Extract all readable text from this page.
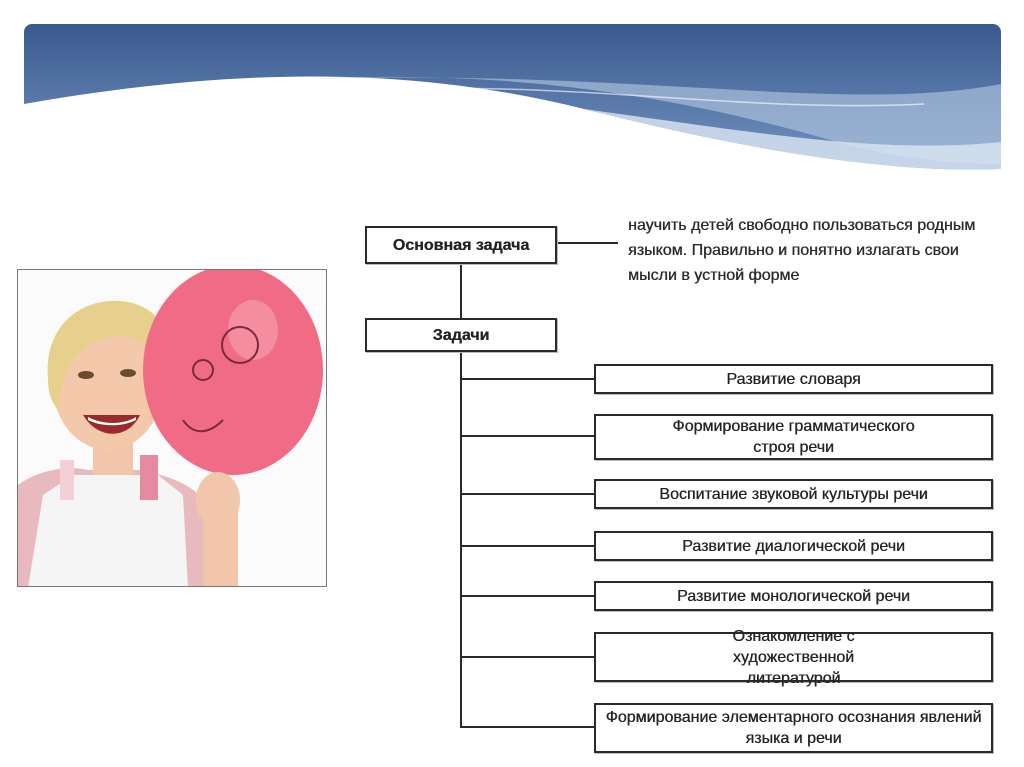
Основная задача
научить детей свободно пользоваться родным языком. Правильно и понятно излагать свои мысли в устной форме
Задачи
Развитие словаря
Формирование грамматического строя речи
Воспитание звуковой культуры речи
Развитие диалогической речи
Развитие монологической речи
Ознакомление с художественной литературой
Формирование элементарного осознания явлений языка и речи
